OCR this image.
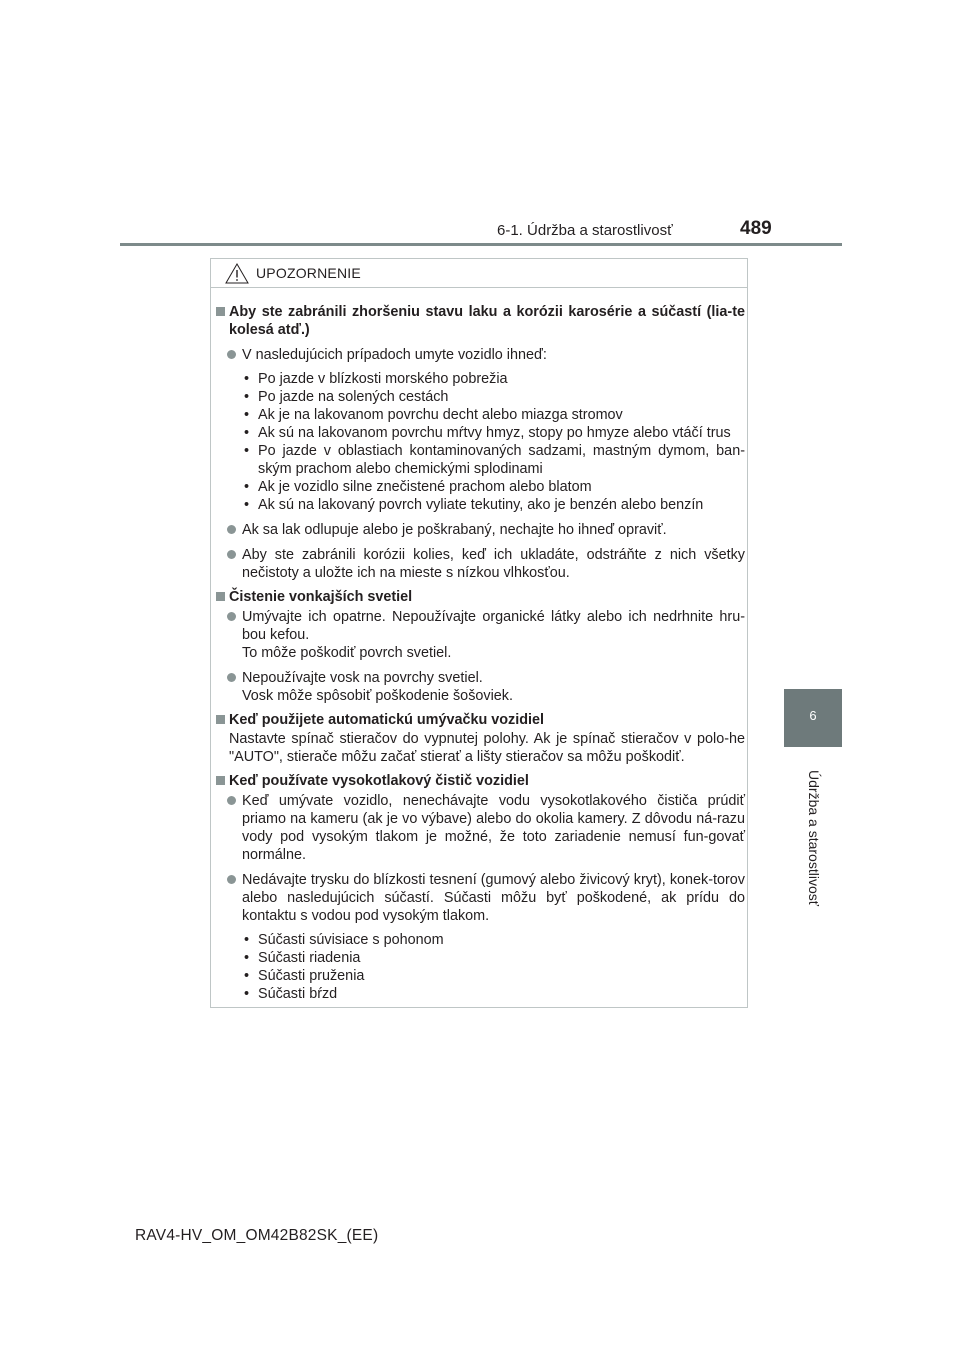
6-1. Údržba a starostlivosť	489
6
Údržba a starostlivosť
UPOZORNENIE
Aby ste zabránili zhoršeniu stavu laku a korózii karosérie a súčastí (lia-te kolesá atď.)
V nasledujúcich prípadoch umyte vozidlo ihneď:
• Po jazde v blízkosti morského pobrežia
• Po jazde na solených cestách
• Ak je na lakovanom povrchu decht alebo miazga stromov
• Ak sú na lakovanom povrchu mŕtvy hmyz, stopy po hmyze alebo vtáčí trus
• Po jazde v oblastiach kontaminovaných sadzami, mastným dymom, ban-ským prachom alebo chemickými splodinami
• Ak je vozidlo silne znečistené prachom alebo blatom
• Ak sú na lakovaný povrch vyliate tekutiny, ako je benzén alebo benzín
Ak sa lak odlupuje alebo je poškrabaný, nechajte ho ihneď opraviť.
Aby ste zabránili korózii kolies, keď ich ukladáte, odstráňte z nich všetky nečistoty a uložte ich na mieste s nízkou vlhkosťou.
Čistenie vonkajších svetiel
Umývajte ich opatrne. Nepoužívajte organické látky alebo ich nedrhnite hru-bou kefou.
To môže poškodiť povrch svetiel.
Nepoužívajte vosk na povrchy svetiel.
Vosk môže spôsobiť poškodenie šošoviek.
Keď použijete automatickú umývačku vozidiel
Nastavte spínač stieračov do vypnutej polohy. Ak je spínač stieračov v polo-he "AUTO", stierače môžu začať stierať a lišty stieračov sa môžu poškodiť.
Keď používate vysokotlakový čistič vozidiel
Keď umývate vozidlo, nenechávajte vodu vysokotlakového čističa prúdiť priamo na kameru (ak je vo výbave) alebo do okolia kamery. Z dôvodu ná-razu vody pod vysokým tlakom je možné, že toto zariadenie nemusí fun-govať normálne.
Nedávajte trysku do blízkosti tesnení (gumový alebo živicový kryt), konek-torov alebo nasledujúcich súčastí. Súčasti môžu byť poškodené, ak prídu do kontaktu s vodou pod vysokým tlakom.
• Súčasti súvisiace s pohonom
• Súčasti riadenia
• Súčasti pruženia
• Súčasti bŕzd
RAV4-HV_OM_OM42B82SK_(EE)
